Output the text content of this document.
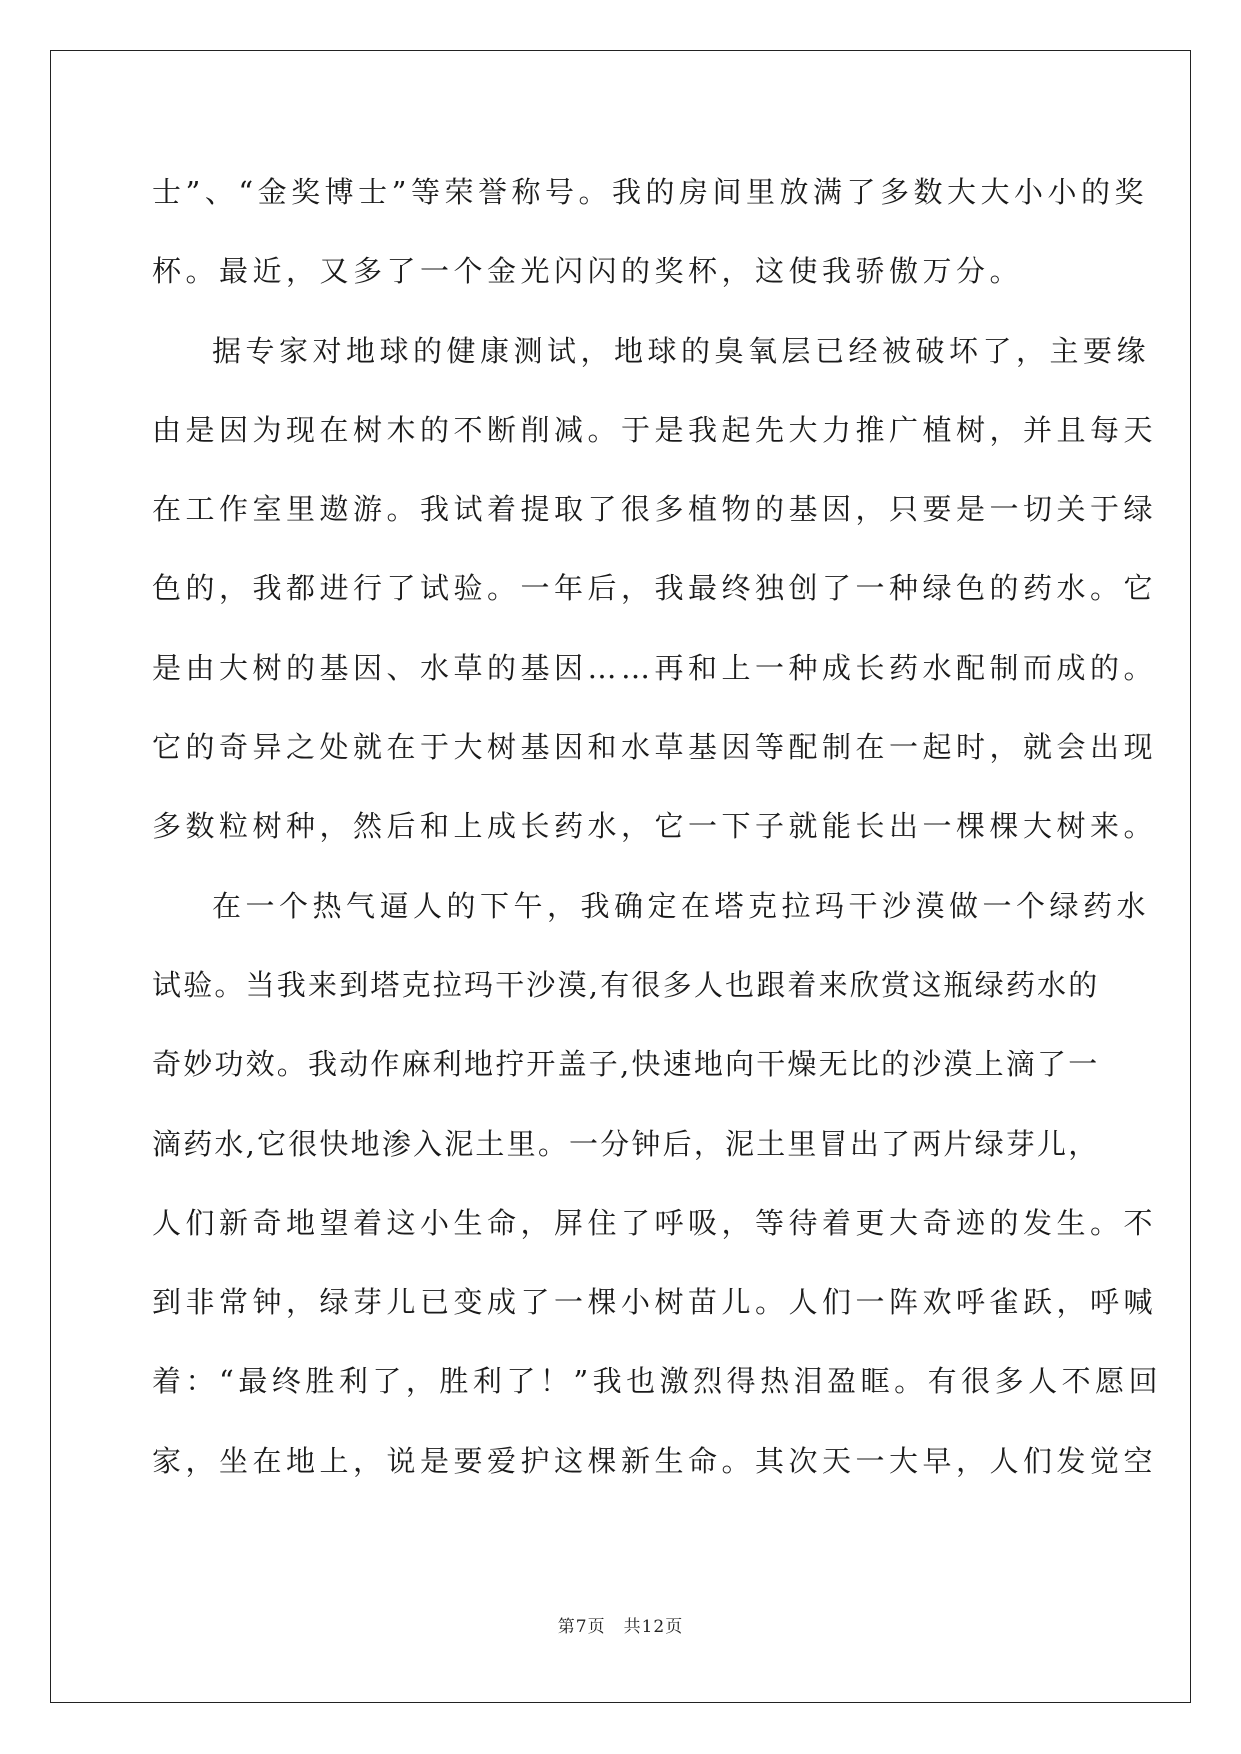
士”、“金奖博士”等荣誉称号。我的房间里放满了多数大大小小的奖
杯。最近，又多了一个金光闪闪的奖杯，这使我骄傲万分。
据专家对地球的健康测试，地球的臭氧层已经被破坏了，主要缘
由是因为现在树木的不断削减。于是我起先大力推广植树，并且每天
在工作室里遨游。我试着提取了很多植物的基因，只要是一切关于绿
色的，我都进行了试验。一年后，我最终独创了一种绿色的药水。它
是由大树的基因、水草的基因……再和上一种成长药水配制而成的。
它的奇异之处就在于大树基因和水草基因等配制在一起时，就会出现
多数粒树种，然后和上成长药水，它一下子就能长出一棵棵大树来。
在一个热气逼人的下午，我确定在塔克拉玛干沙漠做一个绿药水
试验。当我来到塔克拉玛干沙漠,有很多人也跟着来欣赏这瓶绿药水的
奇妙功效。我动作麻利地拧开盖子,快速地向干燥无比的沙漠上滴了一
滴药水,它很快地渗入泥土里。一分钟后，泥土里冒出了两片绿芽儿，
人们新奇地望着这小生命，屏住了呼吸，等待着更大奇迹的发生。不
到非常钟，绿芽儿已变成了一棵小树苗儿。人们一阵欢呼雀跃，呼喊
着：“最终胜利了，胜利了！”我也激烈得热泪盈眶。有很多人不愿回
家，坐在地上，说是要爱护这棵新生命。其次天一大早，人们发觉空
第7页　共12页
